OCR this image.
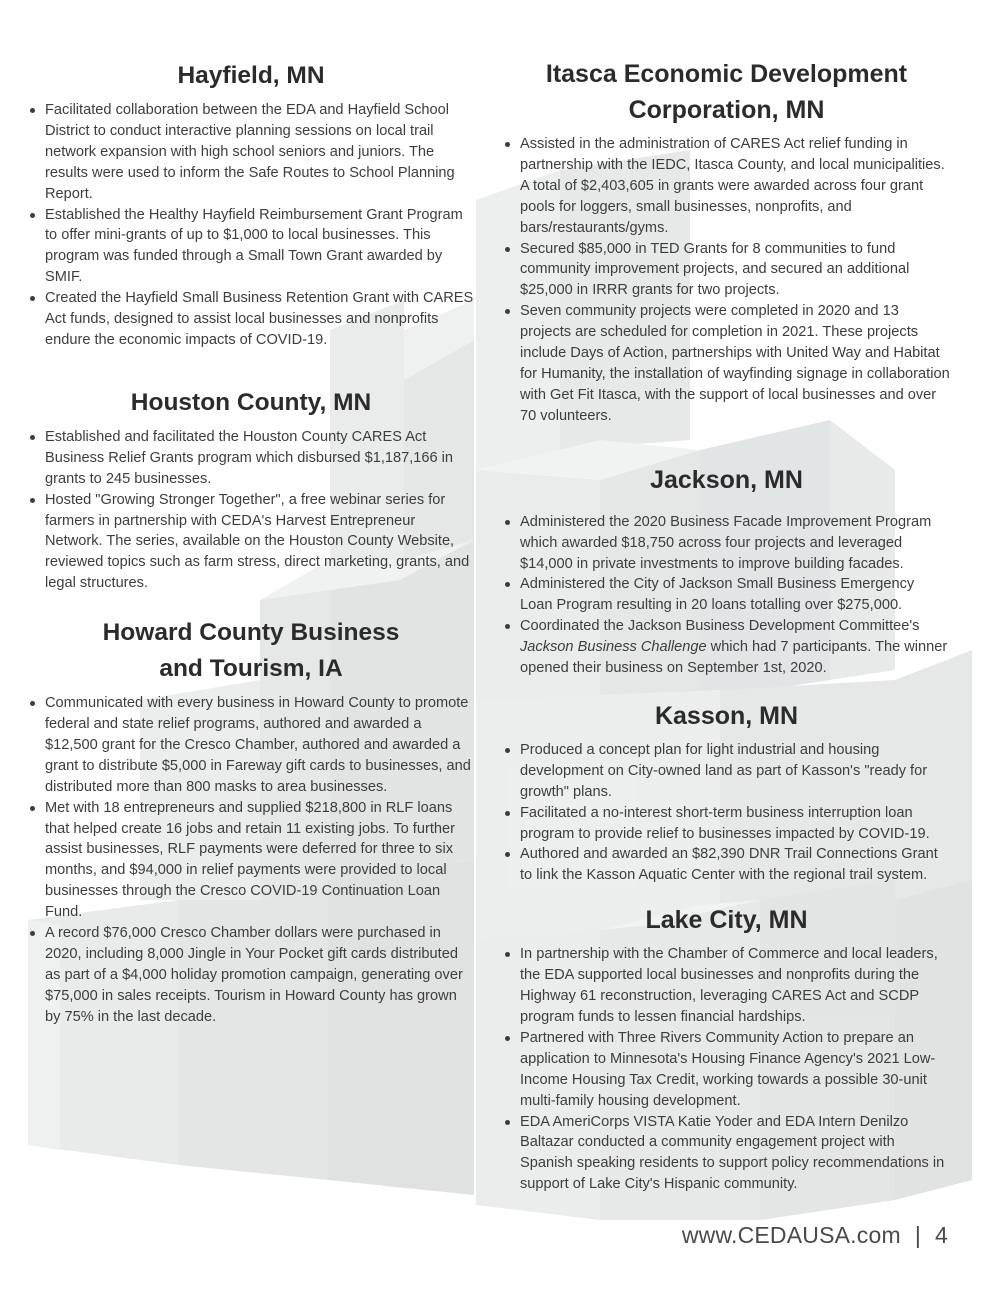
Hayfield, MN
Facilitated collaboration between the EDA and Hayfield School District to conduct interactive planning sessions on local trail network expansion with high school seniors and juniors. The results were used to inform the Safe Routes to School Planning Report.
Established the Healthy Hayfield Reimbursement Grant Program to offer mini-grants of up to $1,000 to local businesses. This program was funded through a Small Town Grant awarded by SMIF.
Created the Hayfield Small Business Retention Grant with CARES Act funds, designed to assist local businesses and nonprofits endure the economic impacts of COVID-19.
Houston County, MN
Established and facilitated the Houston County CARES Act Business Relief Grants program which disbursed $1,187,166 in grants to 245 businesses.
Hosted "Growing Stronger Together", a free webinar series for farmers in partnership with CEDA's Harvest Entrepreneur Network. The series, available on the Houston County Website, reviewed topics such as farm stress, direct marketing, grants, and legal structures.
Howard County Business
and Tourism, IA
Communicated with every business in Howard County to promote federal and state relief programs, authored and awarded a $12,500 grant for the Cresco Chamber, authored and awarded a grant to distribute $5,000 in Fareway gift cards to businesses, and distributed more than 800 masks to area businesses.
Met with 18 entrepreneurs and supplied $218,800 in RLF loans that helped create 16 jobs and retain 11 existing jobs. To further assist businesses, RLF payments were deferred for three to six months, and $94,000 in relief payments were provided to local businesses through the Cresco COVID-19 Continuation Loan Fund.
A record $76,000 Cresco Chamber dollars were purchased in 2020, including 8,000 Jingle in Your Pocket gift cards distributed as part of a $4,000 holiday promotion campaign, generating over $75,000 in sales receipts. Tourism in Howard County has grown by 75% in the last decade.
Itasca Economic Development
Corporation, MN
Assisted in the administration of CARES Act relief funding in partnership with the IEDC, Itasca County, and local municipalities. A total of $2,403,605 in grants were awarded across four grant pools for loggers, small businesses, nonprofits, and bars/restaurants/gyms.
Secured $85,000 in TED Grants for 8 communities to fund community improvement projects, and secured an additional $25,000 in IRRR grants for two projects.
Seven community projects were completed in 2020 and 13 projects are scheduled for completion in 2021. These projects include Days of Action, partnerships with United Way and Habitat for Humanity, the installation of wayfinding signage in collaboration with Get Fit Itasca, with the support of local businesses and over 70 volunteers.
Jackson, MN
Administered the 2020 Business Facade Improvement Program which awarded $18,750 across four projects and leveraged $14,000 in private investments to improve building facades.
Administered the City of Jackson Small Business Emergency Loan Program resulting in 20 loans totalling over $275,000.
Coordinated the Jackson Business Development Committee's Jackson Business Challenge which had 7 participants. The winner opened their business on September 1st, 2020.
Kasson, MN
Produced a concept plan for light industrial and housing development on City-owned land as part of Kasson's "ready for growth" plans.
Facilitated a no-interest short-term business interruption loan program to provide relief to businesses impacted by COVID-19.
Authored and awarded an $82,390 DNR Trail Connections Grant to link the Kasson Aquatic Center with the regional trail system.
Lake City, MN
In partnership with the Chamber of Commerce and local leaders, the EDA supported local businesses and nonprofits during the Highway 61 reconstruction, leveraging CARES Act and SCDP program funds to lessen financial hardships.
Partnered with Three Rivers Community Action to prepare an application to Minnesota's Housing Finance Agency's 2021 Low-Income Housing Tax Credit, working towards a possible 30-unit multi-family housing development.
EDA AmeriCorps VISTA Katie Yoder and EDA Intern Denilzo Baltazar conducted a community engagement project with Spanish speaking residents to support policy recommendations in support of Lake City's Hispanic community.
www.CEDAUSA.com | 4
